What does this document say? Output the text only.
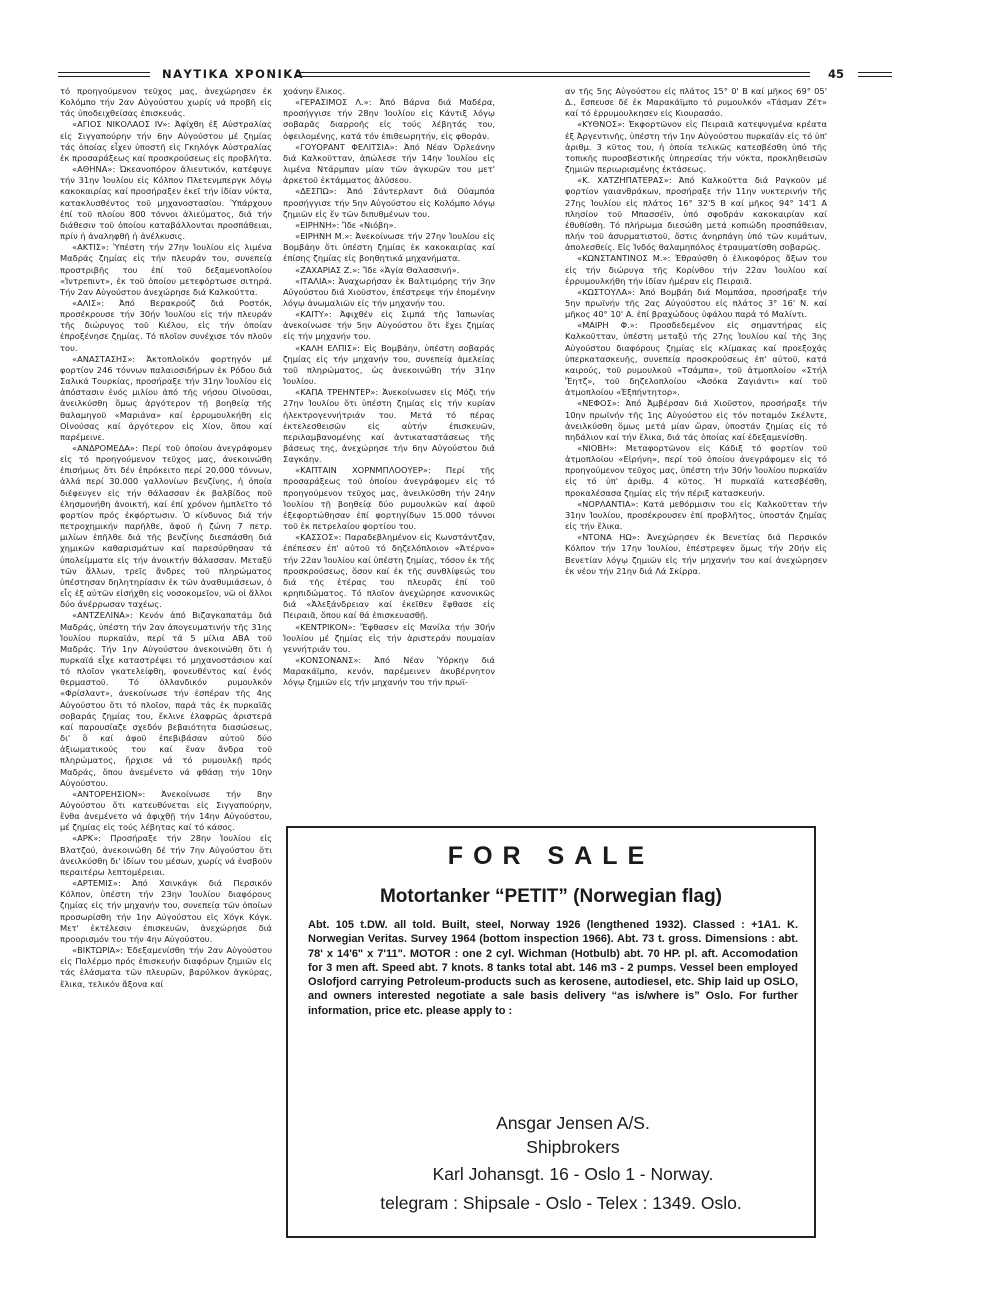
ΝΑΥΤΙΚΑ ΧΡΟΝΙΚΑ	45

τό προηγούμενον τεῦχος μας, ἀνεχώρησεν ἐκ Κολόμπο τήν 2αν Αὐγούστου χωρίς νά προβῆ εἰς τάς ὑποδειχθείσας ἐπισκευάς.

«ΑΓΙΟΣ ΝΙΚΟΛΑΟΣ ΙV»: Ἀφίχθη ἐξ Αὐστραλίας εἰς Σιγγαπούρην τήν 6ην Αὐγούστου μέ ζημίας τάς ὁποίας εἶχεν ὑποστῆ εἰς Γκηλόγκ Αὐστραλίας ἐκ προσαράξεως καί προσκρούσεως εἰς προβλῆτα.

«ΑΘΗΝΑ»: Ὠκεανοπόρον ἁλιευτικόν, κατέφυγε τήν 31ην Ἰουλίου εἰς Κόλπον Πλετενμπεργκ λόγῳ κακοκαιρίας καί προσήραξεν ἐκεῖ τήν ἰδίαν νύκτα, κατακλυσθέντος τοῦ μηχανοστασίου. Ὑπάρχουν ἐπί τοῦ πλοίου 800 τόννοι ἁλιεύματος, διά τήν διάθεσιν τοῦ ὁποίου καταβάλλονται προσπάθειαι, πρίν ἡ ἀναληφθῆ ἡ ἀνέλκυσις.

«ΑΚΤΙΣ»: Ὑπέστη τήν 27ην Ἰουλίου εἰς λιμένα Μαδράς ζημίας εἰς τήν πλευράν του, συνεπείᾳ προστριβῆς του ἐπί τοῦ δεξαμενοπλοίου «Ἰντρεπιντ», ἐκ τοῦ ὁποίου μετεφόρτωσε σιτηρά. Τήν 2αν Αὐγούστου ἀνεχώρησε διά Καλκούττα.

«ΑΛΙΣ»: Ἀπό Βερακρούζ διά Ροστόκ, προσέκρουσε τήν 30ήν Ἰουλίου εἰς τήν πλευράν τῆς διώρυγος τοῦ Κιέλου, εἰς τήν ὁποίαν ἐπροξένησε ζημίας. Τό πλοῖον συνέχισε τόν πλοῦν του.

«ΑΝΑΣΤΑΣΗΣ»: Ἀκτοπλοϊκόν φορτηγόν μέ φορτίον 246 τόννων παλαιοσιδήρων ἐκ Ρόδου διά Σαλικά Τουρκίας, προσήραξε τήν 31ην Ἰουλίου εἰς ἀπόστασιν ἑνός μιλίου ἀπό τῆς νήσου Οἰνοῦσαι, ἀνειλκύσθη ὅμως ἀργότερον τῇ βοηθείᾳ τῆς θαλαμηγοῦ «Μαριάνα» καί ἐρρυμουλκήθη εἰς Οἰνούσας καί ἀργότερον εἰς Χίον, ὅπου καί παρέμεινε.

«ΑΝΔΡΟΜΕΔΑ»: Περί τοῦ ὁποίου ἀνεγράφομεν εἰς τό προηγούμενον τεῦχος μας, ἀνεκοινώθη ἐπισήμως ὅτι δέν ἐπρόκειτο περί 20.000 τόννων, ἀλλά περί 30.000 γαλλονίων βενζίνης, ἡ ὁποία διέφευγεν εἰς τήν θάλασσαν ἐκ βαλβίδος ποῦ ἐλησμονήθη ἀνοικτή, καί ἐπί χρόνον ἠμπλεῖτο τό φορτίον πρός ἐκφόρτωσιν. Ὁ κίνδυνος διά τήν πετροχημικήν παρῆλθε, ἀφοῦ ἡ ζώνη 7 πετρ. μιλίων ἐπῆλθε διά τῆς βενζίνης διεσπάσθη διά χημικῶν καθαρισμάτων καί παρεσύρθησαν τά ὑπολείμματα εἰς τήν ἀνοικτήν θάλασσαν. Μεταξύ τῶν ἄλλων, τρεῖς ἄνδρες τοῦ πληρώματος ὑπέστησαν δηλητηρίασιν ἐκ τῶν ἀναθυμιάσεων, ὁ εἷς ἐξ αὐτῶν εἰσήχθη εἰς νοσοκομεῖον, νῶ οἱ ἄλλοι δύο ἀνέρρωσαν ταχέως.

«ΑΝΤΖΕΛΙΝΑ»: Κενόν ἀπό Βιζαγκαπατάμ διά Μαδράς, ὑπέστη τήν 2αν ἀπογευματινήν τῆς 31ης Ἰουλίου πυρκαϊάν, περί τά 5 μίλια ΑΒΑ τοῦ Μαδράς. Τήν 1ην Αὐγούστου ἀνεκοινώθη ὅτι ἡ πυρκαϊά εἶχε καταστρέψει τό μηχανοστάσιον καί τό πλοῖον γκατελείφθη, φονευθέντος καί ἑνός θερμαστοῦ. Τό ὀλλανδικόν ρυμουλκόν «Φρίσλαντ», ἀνεκοίνωσε τήν ἑσπέραν τῆς 4ης Αὐγούστου ὅτι τό πλοῖον, παρά τάς ἐκ πυρκαϊᾶς σοβαράς ζημίας του, ἔκλινε ἐλαφρῶς ἀριστερά καί παρουσίαζε σχεδόν βεβαιότητα διασώσεως, δι' ὃ καί ἀφοῦ ἐπεβιβάσαν αὐτοῦ δύο ἀξιωματικούς του καί ἕναν ἄνδρα τοῦ πληρώματος, ἤρχισε νά τό ρυμουλκῇ πρός Μαδράς, ὅπου ἀνεμένετο νά φθάσῃ τήν 10ην Αὐγούστου.

«ΑΝΤΟΡΕΗΣΙΟΝ»: Ἀνεκοίνωσε τήν 8ην Αὐγούστου ὅτι κατευθύνεται εἰς Σιγγαπούρην, ἔνθα ἀνεμένετο νά ἀφιχθῇ τήν 14ην Αὐγούστου, μέ ζημίας εἰς τούς λέβητας καί τό κάσος.

«ΑΡΚ»: Προσήραξε τήν 28ην Ἰουλίου εἰς Βλατζού, ἀνεκοινώθη δέ τήν 7ην Αὐγούστου ὅτι ἀνειλκύσθη δι' ἰδίων του μέσων, χωρίς νά ἐνσβοῦν περαιτέρω λεπτομέρειαι.

«ΑΡΤΕΜΙΣ»: Ἀπό Χσινκάγκ διά Περσικόν Κόλπον, ὑπέστη τήν 23ην Ἰουλίου διαφόρους ζημίας εἰς τήν μηχανήν του, συνεπείᾳ τῶν ὁποίων προσωρίσθη τήν 1ην Αὐγούστου εἰς Χόγκ Κόγκ. Μετ' ἐκτέλεσιν ἐπισκευῶν, ἀνεχώρησε διά προορισμόν του τήν 4ην Αὐγούστου.

«ΒΙΚΤΩΡΙΑ»: Ἐδεξαμενίσθη τήν 2αν Αὐγούστου εἰς Παλέρμο πρός ἐπισκευήν διαφόρων ζημιῶν εἰς τάς ἐλάσματα τῶν πλευρῶν, βαρύλκον ἀγκύρας, ἕλικα, τελικόν ἄξονα καί

χοάνην ἕλικος.

«ΓΕΡΑΣΙΜΟΣ Λ.»: Ἀπό Βάρνα διά Μαδέρα, προσήγγισε τήν 28ην Ἰουλίου εἰς Κάντιξ λόγῳ σοβαρᾶς διαρροῆς εἰς τούς λέβητάς του, ὀφειλομένης, κατά τόν ἐπιθεωρητήν, εἰς φθοράν.

«ΓΟΥΟΡΑΝΤ ΦΕΛΙΤΣΙΑ»: Ἀπό Νέαν Ὀρλεάνην διά Καλκοῦτταν, ἀπώλεσε τήν 14ην Ἰουλίου εἰς λιμένα Ντάρμπαν μίαν τῶν ἀγκυρῶν του μετ' ἀρκετοῦ ἐκτάμματος ἁλύσεου.

«ΔΕΣΠΩ»: Ἀπό Σάντερλαντ διά Ούαμπόα προσήγγισε τήν 5ην Αὐγούστου εἰς Κολόμπο λόγῳ ζημιῶν εἰς ἕν τῶν διπυθμένων του.

«ΕΙΡΗΝΗ»: Ἴδε «Νιόβη».

«ΕΙΡΗΝΗ Μ.»: Ἀνεκοίνωσε τήν 27ην Ἰουλίου εἰς Βομβάην ὅτι ὑπέστη ζημίας ἐκ κακοκαιρίας καί ἐπίσης ζημίας εἰς βοηθητικά μηχανήματα.

«ΖΑΧΑΡΙΑΣ Ζ.»: Ἴδε «Ἁγία Θαλασσινή».

«ΙΤΑΛΙΑ»: Ἀναχωρήσαν ἐκ Βαλτιμόρης τήν 3ην Αὐγούστου διά Χιοῦστον, ἐπέστρεψε τήν ἑπομένην λόγῳ ἀνωμαλιῶν εἰς τήν μηχανήν του.

«ΚΑΙΤΥ»: Ἀφιχθέν εἰς Σιμπά τῆς Ἰαπωνίας ἀνεκοίνωσε τήν 5ην Αὐγούστου ὅτι ἔχει ζημίας εἰς τήν μηχανήν του.

«ΚΑΛΗ ΕΛΠΙΣ»: Εἰς Βομβάην, ὑπέστη σοβαράς ζημίας εἰς τήν μηχανήν του, συνεπείᾳ ἀμελείας τοῦ πληρώματος, ὡς ἀνεκοινώθη τήν 31ην Ἰουλίου.

«ΚΑΠΑ ΤΡΕΗΝΤΕΡ»: Ἀνεκοίνωσεν εἰς Μόζι τήν 27ην Ἰουλίου ὅτι ὑπέστη ζημίας εἰς τήν κυρίαν ἠλεκτρογεννήτριάν του. Μετά τό πέρας ἐκτελεσθεισῶν εἰς αὐτήν ἐπισκευῶν, περιλαμβανομένης καί ἀντικαταστάσεως τῆς βάσεως της, ἀνεχώρησε τήν 6ην Αὐγούστου διά Σαγκάην.

«ΚΑΠΤΑΙΝ ΧΟΡΝΜΠΛΟΟΥΕΡ»: Περί τῆς προσαράξεως τοῦ ὁποίου ἀνεγράφομεν εἰς τό προηγούμενον τεῦχος μας, ἀνειλκύσθη τήν 24ην Ἰουλίου τῇ βοηθείᾳ δύο ρυμουλκῶν καί ἀφοῦ ἐξεφορτώθησαν ἐπί φορτηγίδων 15.000 τόννοι τοῦ ἐκ πετρελαίου φορτίου του.

«ΚΑΣΣΟΣ»: Παραδεβλημένον εἰς Κωνστάντζαν, ἐπέπεσεν ἐπ' αὐτοῦ τό δηζελόπλοιον «Ἀτέρνο» τήν 22αν Ἰουλίου καί ὑπέστη ζημίας, τόσον ἐκ τῆς προσκρούσεως, ὅσον καί ἐκ τῆς συνθλίψεώς του διά τῆς ἑτέρας του πλευρᾶς ἐπί τοῦ κρηπιδώματος. Τό πλοῖον ἀνεχώρησε κανονικῶς διά «Ἀλεξάνδρειαν καί ἐκεῖθεν ἔφθασε εἰς Πειραιᾶ, ὅπου καί θά ἐπισκευασθῇ.

«ΚΕΝΤΡΙΚΟΝ»: Ἔφθασεν εἰς Μανίλα τήν 30ήν Ἰουλίου μέ ζημίας εἰς τήν ἀριστεράν πουμαίαν γεννήτριάν του.

«ΚΟΝΣΟΝΑΝΣ»: Ἀπό Νέαν Ὑόρκην διά Μαρακάϊμπο, κενόν, παρέμεινεν ἀκυβέρνητον λόγῳ ζημιῶν εἰς τήν μηχανήν του τήν πρωϊ-

αν τῆς 5ης Αὐγούστου εἰς πλάτος 15° 0' Β καί μῆκος 69° 05' Δ., ἔσπευσε δέ ἐκ Μαρακάϊμπο τό ρυμουλκόν «Τάσμαν Ζέτ» καί τό ἐρρυμουλκησεν εἰς Κιουρασάο.

«ΚΥΘΝΟΣ»: Ἐκφορτῶνον εἰς Πειραιᾶ κατεψυγμένα κρέατα ἐξ Ἀργεντινῆς, ὑπέστη τήν 1ην Αὐγούστου πυρκαϊάν εἰς τό ὑπ' ἀριθμ. 3 κῦτος του, ἡ ὁποία τελικῶς κατεσβέσθη ὑπό τῆς τοπικῆς πυροσβεστικῆς ὑπηρεσίας τήν νύκτα, προκληθεισῶν ζημιῶν περιωρισμένης ἐκτάσεως.

«Κ. ΧΑΤΖΗΠΑΤΕΡΑΣ»: Ἀπό Καλκοῦττα διά Ραγκοῦν μέ φορτίον γαιανθράκων, προσήραξε τήν 11ην νυκτερινήν τῆς 27ης Ἰουλίου εἰς πλάτος 16° 32'5 Β καί μῆκος 94° 14'1 Α πλησίον τοῦ Μπασσέϊν, ὑπό σφοδράν κακοκαιρίαν καί ἐθυθίσθη. Τό πλήρωμα διεσώθη μετά κοπιώδη προσπάθειαν, πλήν τοῦ ἀσυρματιστοῦ, ὅστις ἀνηρπάγη ὑπό τῶν κυμάτων, ἀπολεσθείς. Εἰς Ἰνδός θαλαμηπόλος ἐτραυματίσθη σοβαρῶς.

«ΚΩΝΣΤΑΝΤΙΝΟΣ Μ.»: Ἐθραύσθη ὁ ἐλικοφόρος ἄξων του εἰς τήν διώρυγα τῆς Κορίνθου τήν 22αν Ἰουλίου καί ἐρρυμουλκήθη τήν ἰδίαν ἡμέραν εἰς Πειραιᾶ.

«ΚΩΣΤΟΥΛΑ»: Ἀπό Βομβάη διά Μομπάσα, προσήραξε τήν 5ην πρωϊνήν τῆς 2ας Αὐγούστου εἰς πλάτος 3° 16' Ν. καί μῆκος 40° 10' Α. ἐπί βραχώδους ὑφάλου παρά τό Μαλίντι.

«ΜΑΙΡΗ Φ.»: Προσδεδεμένον εἰς σημαντήρας εἰς Καλκοῦτταν, ὑπέστη μεταξύ τῆς 27ης Ἰουλίου καί τῆς 3ης Αὐγούστου διαφόρους ζημίας εἰς κλίμακας καί προεξοχάς ὑπερκατασκευῆς, συνεπείᾳ προσκρούσεως ἐπ' αὐτοῦ, κατά καιρούς, τοῦ ρυμουλκοῦ «Τσάμπα», τοῦ ἀτμοπλοίου «Στήλ Ἔητζ», τοῦ δηζελοπλοίου «Ἀσόκα Ζαγιάντι» καί τοῦ ἀτμοπλοίου «Ἐξπήντητορ».

«ΝΕΦΟΣ»: Ἀπό Ἀμβέρσαν διά Χιοῦστον, προσήραξε τήν 10ην πρωϊνήν τῆς 1ης Αὐγούστου εἰς τόν ποταμόν Σκέλντε, ἀνειλκύσθη ὅμως μετά μίαν ὥραν, ὑποστάν ζημίας εἰς τό πηδάλιον καί τήν ἕλικα, διά τάς ὁποίας καί ἐδεξαμενίσθη.

«ΝΙΟΒΗ»: Μεταφορτῶνον εἰς Κάδιξ τό φορτίον τοῦ ἀτμοπλοίου «Εἰρήνη», περί τοῦ ὁποίου ἀνεγράφομεν εἰς τό προηγούμενον τεῦχος μας, ὑπέστη τήν 30ήν Ἰουλίου πυρκαϊάν εἰς τό ὑπ' ἀριθμ. 4 κῦτος. Ἡ πυρκαϊά κατεσβέσθη, προκαλέσασα ζημίας εἰς τήν πέριξ κατασκευήν.

«ΝΟΡΛΑΝΤΙΑ»: Κατά μεθόρμισιν του εἰς Καλκοῦτταν τήν 31ην Ἰουλίου, προσέκρουσεν ἐπί προβλῆτος, ὑποστάν ζημίας εἰς τήν ἕλικα.

«ΝΤΟΝΑ ΗΩ»: Ἀνεχώρησεν ἐκ Βενετίας διά Περσικόν Κόλπον τήν 17ην Ἰουλίου, ἐπέστρεψεν ὅμως τήν 20ήν εἰς Βενετίαν λόγῳ ζημιῶν εἰς τήν μηχανήν του καί ἀνεχώρησεν ἐκ νέου τήν 21ην διά Λά Σκίρρα.

FOR SALE
Motortanker “PETIT” (Norwegian flag)
Abt. 105 t.DW. all told. Built, steel, Norway 1926 (lengthened 1932). Classed : +1A1. K. Norwegian Veritas. Survey 1964 (bottom inspection 1966). Abt. 73 t. gross. Dimensions : abt. 78' x 14'6" x 7'11". MOTOR : one 2 cyl. Wichman (Hotbulb) abt. 70 HP. pl. aft. Accomodation for 3 men aft. Speed abt. 7 knots. 8 tanks total abt. 146 m3 - 2 pumps. Vessel been employed Oslofjord carrying Petroleum-products such as kerosene, autodiesel, etc. Ship laid up OSLO, and owners interested negotiate a sale basis delivery “as is/where is” Oslo. For further information, price etc. please apply to :
Ansgar Jensen A/S.
Shipbrokers
Karl Johansgt. 16 - Oslo 1 - Norway.
telegram : Shipsale - Oslo - Telex : 1349. Oslo.
